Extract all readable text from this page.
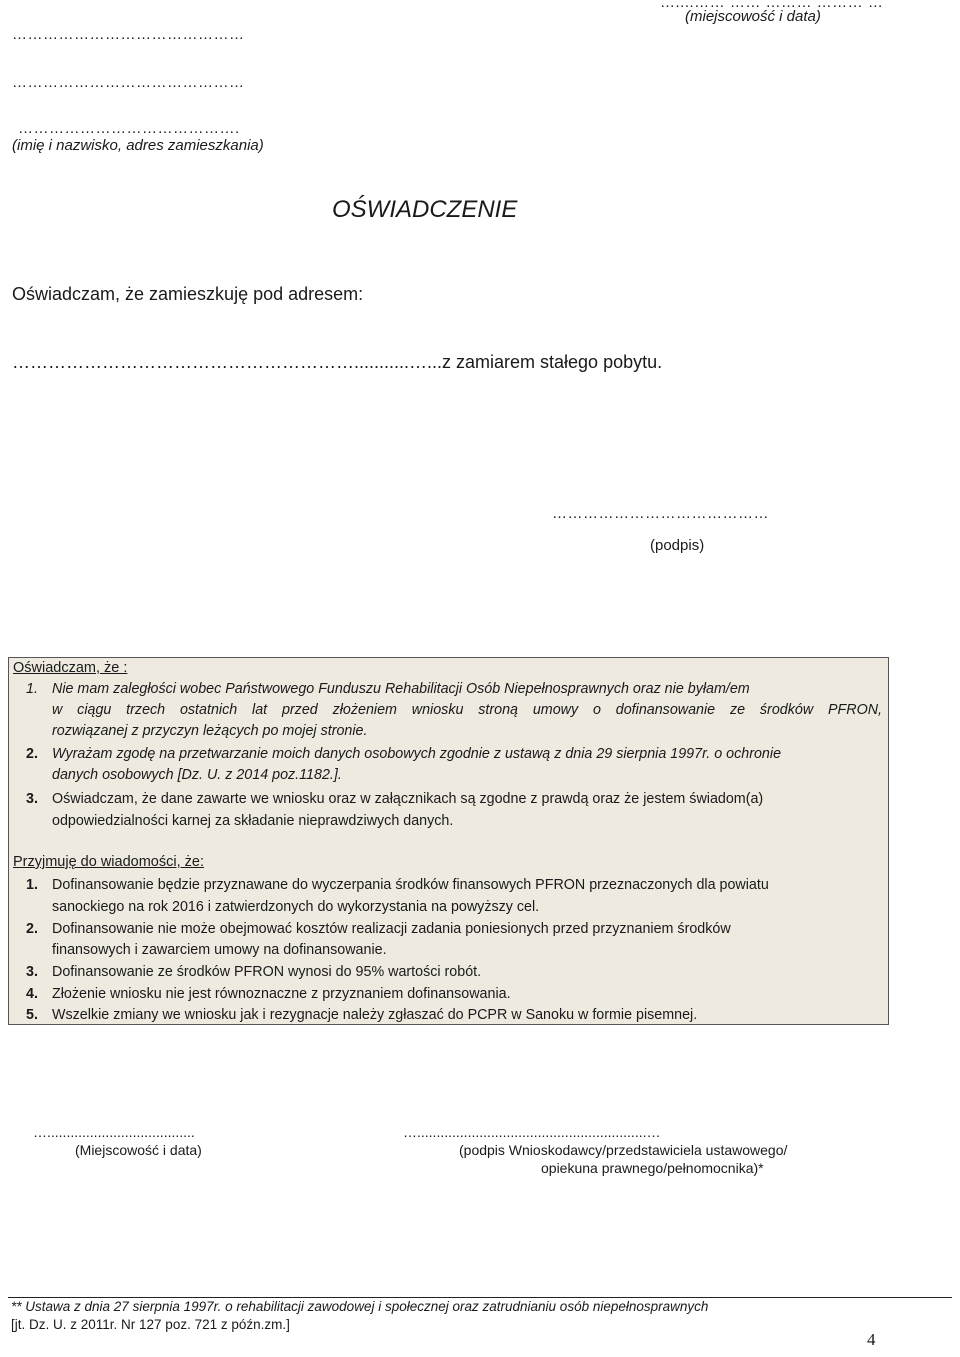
…....…… …… ……… ……… …
(miejscowość i data)
………………………………………
………………………………………
…………………………………….
(imię i nazwisko, adres zamieszkania)
OŚWIADCZENIE
Oświadczam, że zamieszkuję pod adresem:
…………………………………………………...........…...z zamiarem stałego pobytu.
……………………………………
(podpis)
Oświadczam, że :
1. Nie mam zaległości wobec Państwowego Funduszu Rehabilitacji Osób Niepełnosprawnych oraz nie byłam/em
w ciągu trzech ostatnich lat przed złożeniem wniosku stroną umowy o dofinansowanie ze środków PFRON,
rozwiązanej z przyczyn leżących po mojej stronie.
2. Wyrażam zgodę na przetwarzanie moich danych osobowych zgodnie z ustawą z dnia 29 sierpnia 1997r. o ochronie
danych osobowych [Dz. U. z 2014 poz.1182.].
3. Oświadczam, że dane zawarte we wniosku oraz w załącznikach są zgodne z prawdą oraz że jestem świadom(a)
odpowiedzialności karnej za składanie nieprawdziwych danych.
Przyjmuję do wiadomości, że:
1. Dofinansowanie będzie przyznawane do wyczerpania środków finansowych PFRON przeznaczonych dla powiatu
sanockiego na rok 2016 i zatwierdzonych do wykorzystania na powyższy cel.
2. Dofinansowanie nie może obejmować kosztów realizacji zadania poniesionych przed przyznaniem środków
finansowych i zawarciem umowy na dofinansowanie.
3. Dofinansowanie ze środków PFRON wynosi do 95% wartości robót.
4. Złożenie wniosku nie jest równoznaczne z przyznaniem dofinansowania.
5. Wszelkie zmiany we wniosku jak i rezygnacje należy zgłaszać do PCPR w Sanoku w formie pisemnej.
…......................................
(Miejscowość i data)
…...........................................................…
(podpis Wnioskodawcy/przedstawiciela ustawowego/
opiekuna prawnego/pełnomocnika)*
** Ustawa z dnia 27 sierpnia 1997r. o rehabilitacji zawodowej i społecznej oraz zatrudnianiu osób niepełnosprawnych
[jt. Dz. U. z 2011r. Nr 127 poz. 721 z późn.zm.]
4
